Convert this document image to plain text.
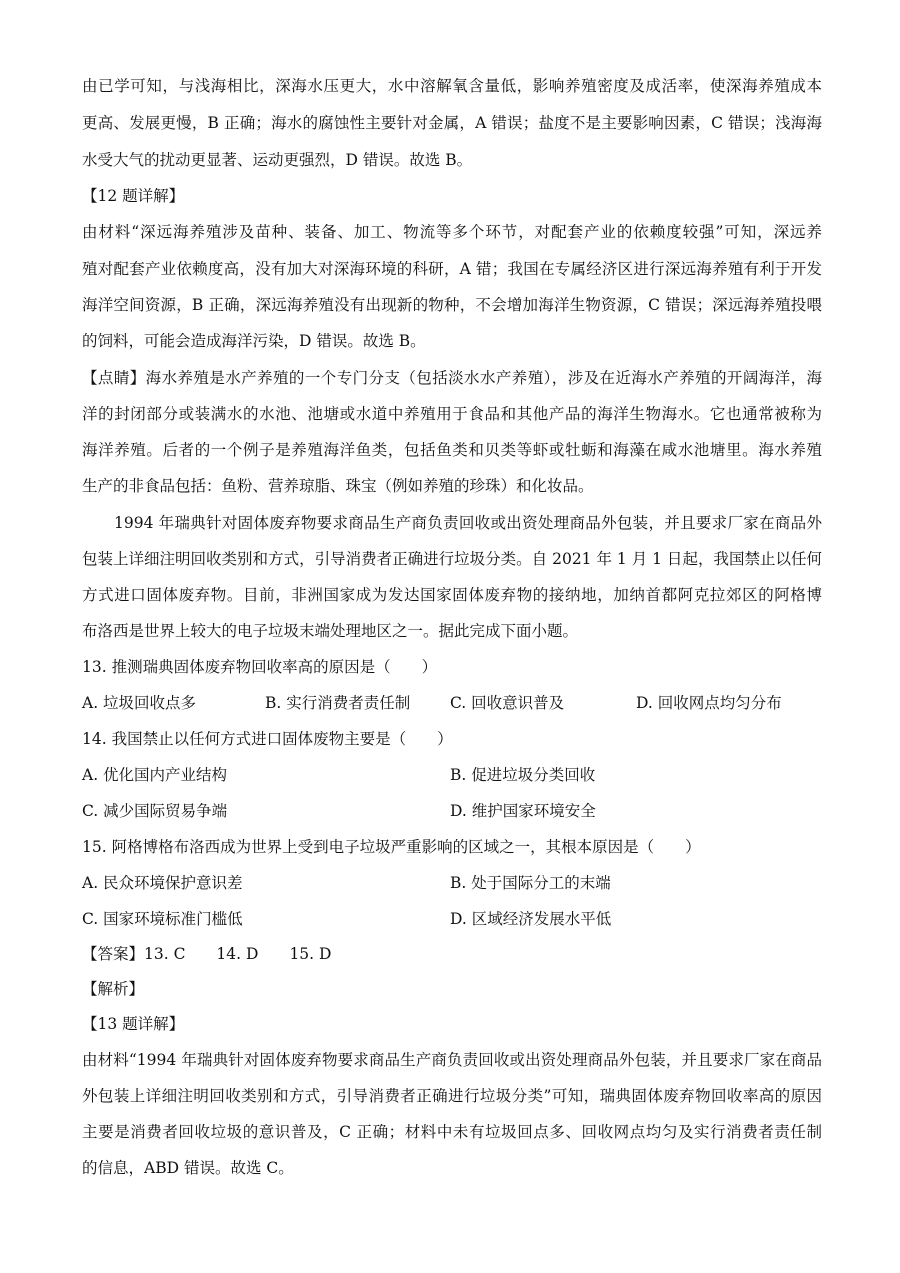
由已学可知，与浅海相比，深海水压更大，水中溶解氧含量低，影响养殖密度及成活率，使深海养殖成本
更高、发展更慢，B 正确；海水的腐蚀性主要针对金属，A 错误；盐度不是主要影响因素，C 错误；浅海海
水受大气的扰动更显著、运动更强烈，D 错误。故选 B。
【12 题详解】
由材料“深远海养殖涉及苗种、装备、加工、物流等多个环节，对配套产业的依赖度较强”可知，深远养
殖对配套产业依赖度高，没有加大对深海环境的科研，A 错；我国在专属经济区进行深远海养殖有利于开发
海洋空间资源，B 正确，深远海养殖没有出现新的物种，不会增加海洋生物资源，C 错误；深远海养殖投喂
的饲料，可能会造成海洋污染，D 错误。故选 B。
【点睛】海水养殖是水产养殖的一个专门分支（包括淡水水产养殖），涉及在近海水产养殖的开阔海洋，海
洋的封闭部分或装满水的水池、池塘或水道中养殖用于食品和其他产品的海洋生物海水。它也通常被称为
海洋养殖。后者的一个例子是养殖海洋鱼类，包括鱼类和贝类等虾或牡蛎和海藻在咸水池塘里。海水养殖
生产的非食品包括：鱼粉、营养琼脂、珠宝（例如养殖的珍珠）和化妆品。
1994 年瑞典针对固体废弃物要求商品生产商负责回收或出资处理商品外包装，并且要求厂家在商品外
包装上详细注明回收类别和方式，引导消费者正确进行垃圾分类。自 2021 年 1 月 1 日起，我国禁止以任何
方式进口固体废弃物。目前，非洲国家成为发达国家固体废弃物的接纳地，加纳首都阿克拉郊区的阿格博
布洛西是世界上较大的电子垃圾末端处理地区之一。据此完成下面小题。
13. 推测瑞典固体废弃物回收率高的原因是（　　）
A. 垃圾回收点多	B. 实行消费者责任制	C. 回收意识普及	D. 回收网点均匀分布
14. 我国禁止以任何方式进口固体废物主要是（　　）
A. 优化国内产业结构	B. 促进垃圾分类回收
C. 减少国际贸易争端	D. 维护国家环境安全
15. 阿格博格布洛西成为世界上受到电子垃圾严重影响的区域之一，其根本原因是（　　）
A. 民众环境保护意识差	B. 处于国际分工的末端
C. 国家环境标准门槛低	D. 区域经济发展水平低
【答案】13. C　　14. D　　15. D
【解析】
【13 题详解】
由材料“1994 年瑞典针对固体废弃物要求商品生产商负责回收或出资处理商品外包装，并且要求厂家在商品
外包装上详细注明回收类别和方式，引导消费者正确进行垃圾分类”可知，瑞典固体废弃物回收率高的原因
主要是消费者回收垃圾的意识普及，C 正确；材料中未有垃圾回点多、回收网点均匀及实行消费者责任制
的信息，ABD 错误。故选 C。
